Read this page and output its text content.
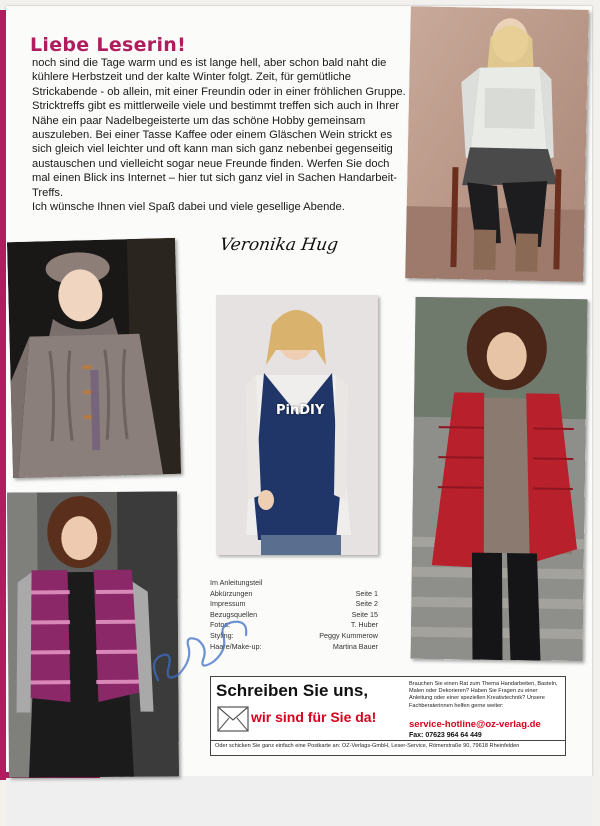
Liebe Leserin!

noch sind die Tage warm und es ist lange hell, aber schon bald naht die kühlere Herbstzeit und der kalte Winter folgt. Zeit, für gemütliche Strickabende - ob allein, mit einer Freundin oder in einer fröhlichen Gruppe. Stricktreffs gibt es mittlerweile viele und bestimmt treffen sich auch in Ihrer Nähe ein paar Nadelbegeisterte um das schöne Hobby gemeinsam auszuleben. Bei einer Tasse Kaffee oder einem Gläschen Wein strickt es sich gleich viel leichter und oft kann man sich ganz nebenbei gegenseitig austauschen und vielleicht sogar neue Freunde finden. Werfen Sie doch mal einen Blick ins Internet – hier tut sich ganz viel in Sachen Handarbeit-Treffs.

Ich wünsche Ihnen viel Spaß dabei und viele gesellige Abende.

Veronika Hug
PinDIY
Im Anleitungsteil
Abkürzungen	Seite 1
Impressum	Seite 2
Bezugsquellen	Seite 15
Fotos:	T. Huber
Styling:	Peggy Kummerow
Haare/Make-up:	Martina Bauer
Schreiben Sie uns,
wir sind für Sie da!
Brauchen Sie einen Rat zum Thema Handarbeiten, Basteln, Malen oder Dekorieren? Haben Sie Fragen zu einer Anleitung oder einer speziellen Kreativtechnik? Unsere Fachberaterinnen helfen gerne weiter:
service-hotline@oz-verlag.de
Fax: 07623 964 64 449
Oder schicken Sie ganz einfach eine Postkarte an: OZ-Verlags-GmbH, Leser-Service, Römerstraße 90, 79618 Rheinfelden
